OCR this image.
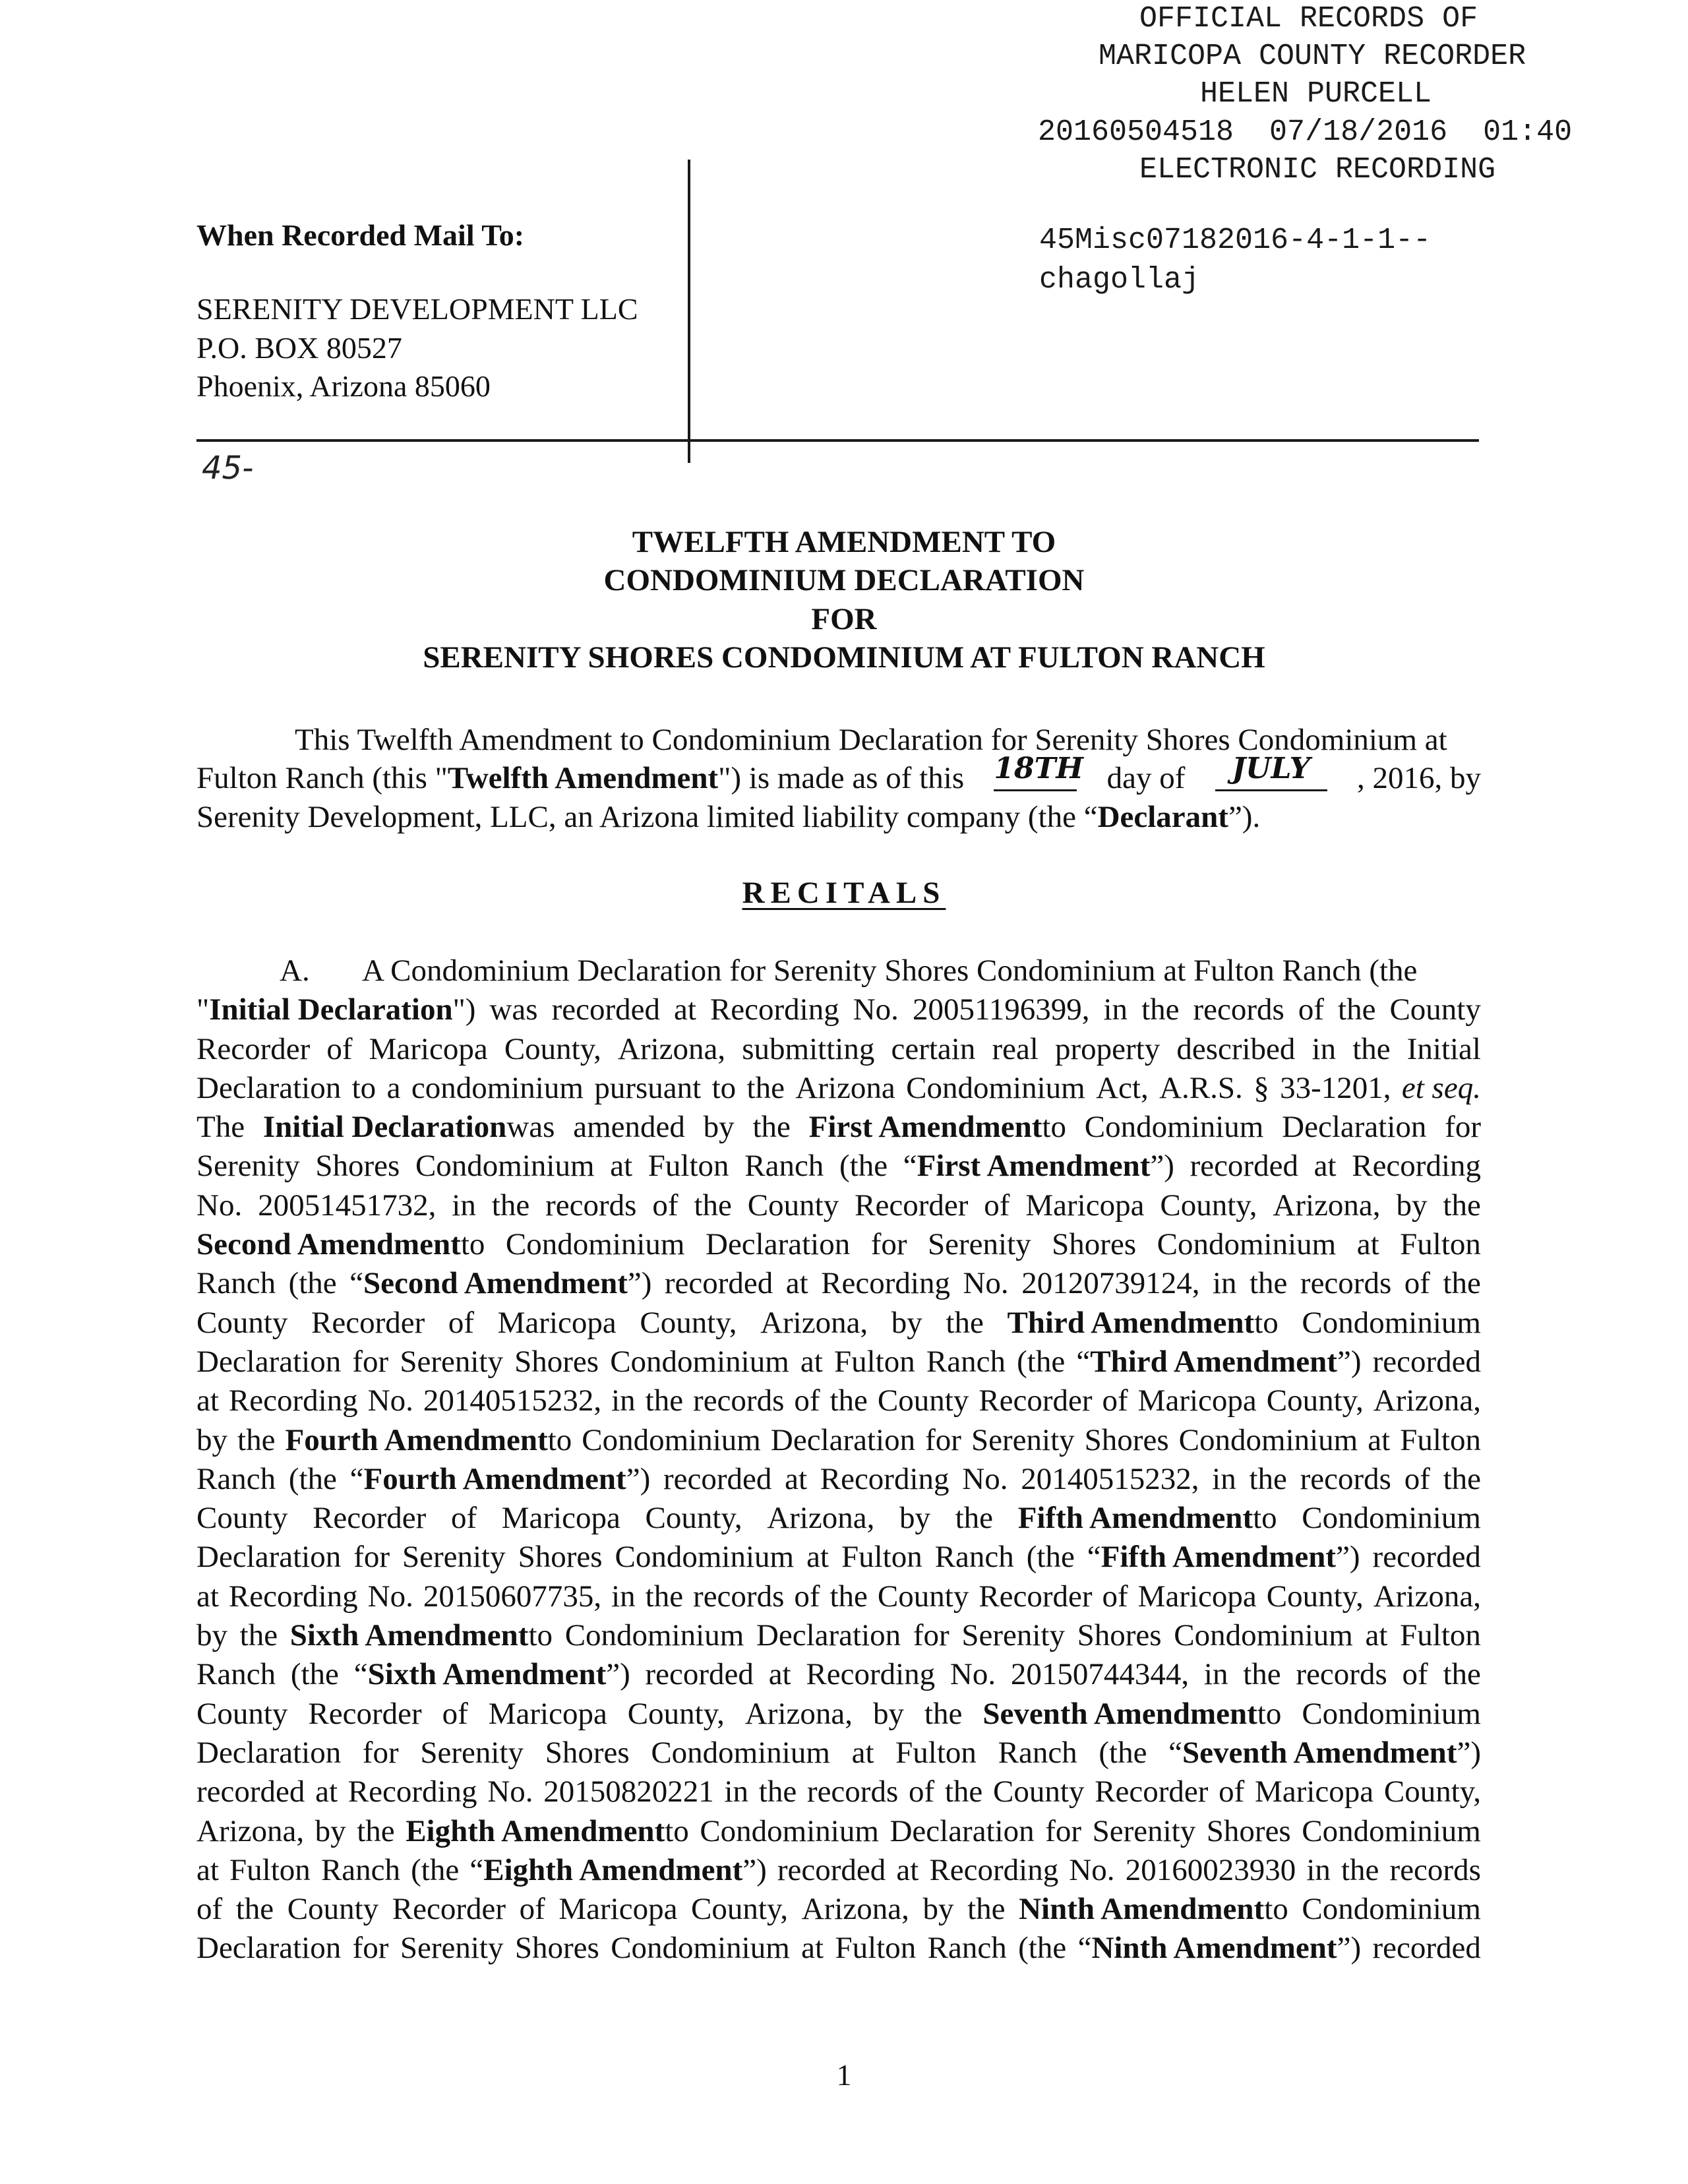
OFFICIAL RECORDS OF
MARICOPA COUNTY RECORDER
HELEN PURCELL
20160504518  07/18/2016  01:40
ELECTRONIC RECORDING
45Misc07182016-4-1-1--
chagollaj
When Recorded Mail To:
SERENITY DEVELOPMENT LLC
P.O. BOX 80527
Phoenix, Arizona 85060
45-
TWELFTH AMENDMENT TO
CONDOMINIUM DECLARATION
FOR
SERENITY SHORES CONDOMINIUM AT FULTON RANCH
This Twelfth Amendment to Condominium Declaration for Serenity Shores Condominium at
Fulton Ranch (this "Twelfth Amendment") is made as of this 18TH day of	JULY	, 2016, by
Serenity Development, LLC, an Arizona limited liability company (the “Declarant”).
RECITALS
A.	A Condominium Declaration for Serenity Shores Condominium at Fulton Ranch (the
"Initial Declaration") was recorded at Recording No. 20051196399, in the records of the County
Recorder of Maricopa County, Arizona, submitting certain real property described in the Initial
Declaration to a condominium pursuant to the Arizona Condominium Act, A.R.S. § 33-1201, et seq.
The Initial Declarationwas amended by the First Amendmentto Condominium Declaration for
Serenity Shores Condominium at Fulton Ranch (the “First Amendment”) recorded at Recording
No. 20051451732, in the records of the County Recorder of Maricopa County, Arizona, by the
Second Amendmentto Condominium Declaration for Serenity Shores Condominium at Fulton
Ranch (the “Second Amendment”) recorded at Recording No. 20120739124, in the records of the
County Recorder of Maricopa County, Arizona, by the Third Amendmentto Condominium
Declaration for Serenity Shores Condominium at Fulton Ranch (the “Third Amendment”) recorded
at Recording No. 20140515232, in the records of the County Recorder of Maricopa County, Arizona,
by the Fourth Amendmentto Condominium Declaration for Serenity Shores Condominium at Fulton
Ranch (the “Fourth Amendment”) recorded at Recording No. 20140515232, in the records of the
County Recorder of Maricopa County, Arizona, by the Fifth Amendmentto Condominium
Declaration for Serenity Shores Condominium at Fulton Ranch (the “Fifth Amendment”) recorded
at Recording No. 20150607735, in the records of the County Recorder of Maricopa County, Arizona,
by the Sixth Amendmentto Condominium Declaration for Serenity Shores Condominium at Fulton
Ranch (the “Sixth Amendment”) recorded at Recording No. 20150744344, in the records of the
County Recorder of Maricopa County, Arizona, by the Seventh Amendmentto Condominium
Declaration for Serenity Shores Condominium at Fulton Ranch (the “Seventh Amendment”)
recorded at Recording No. 20150820221 in the records of the County Recorder of Maricopa County,
Arizona, by the Eighth Amendmentto Condominium Declaration for Serenity Shores Condominium
at Fulton Ranch (the “Eighth Amendment”) recorded at Recording No. 20160023930 in the records
of the County Recorder of Maricopa County, Arizona, by the Ninth Amendmentto Condominium
Declaration for Serenity Shores Condominium at Fulton Ranch (the “Ninth Amendment”) recorded
1
